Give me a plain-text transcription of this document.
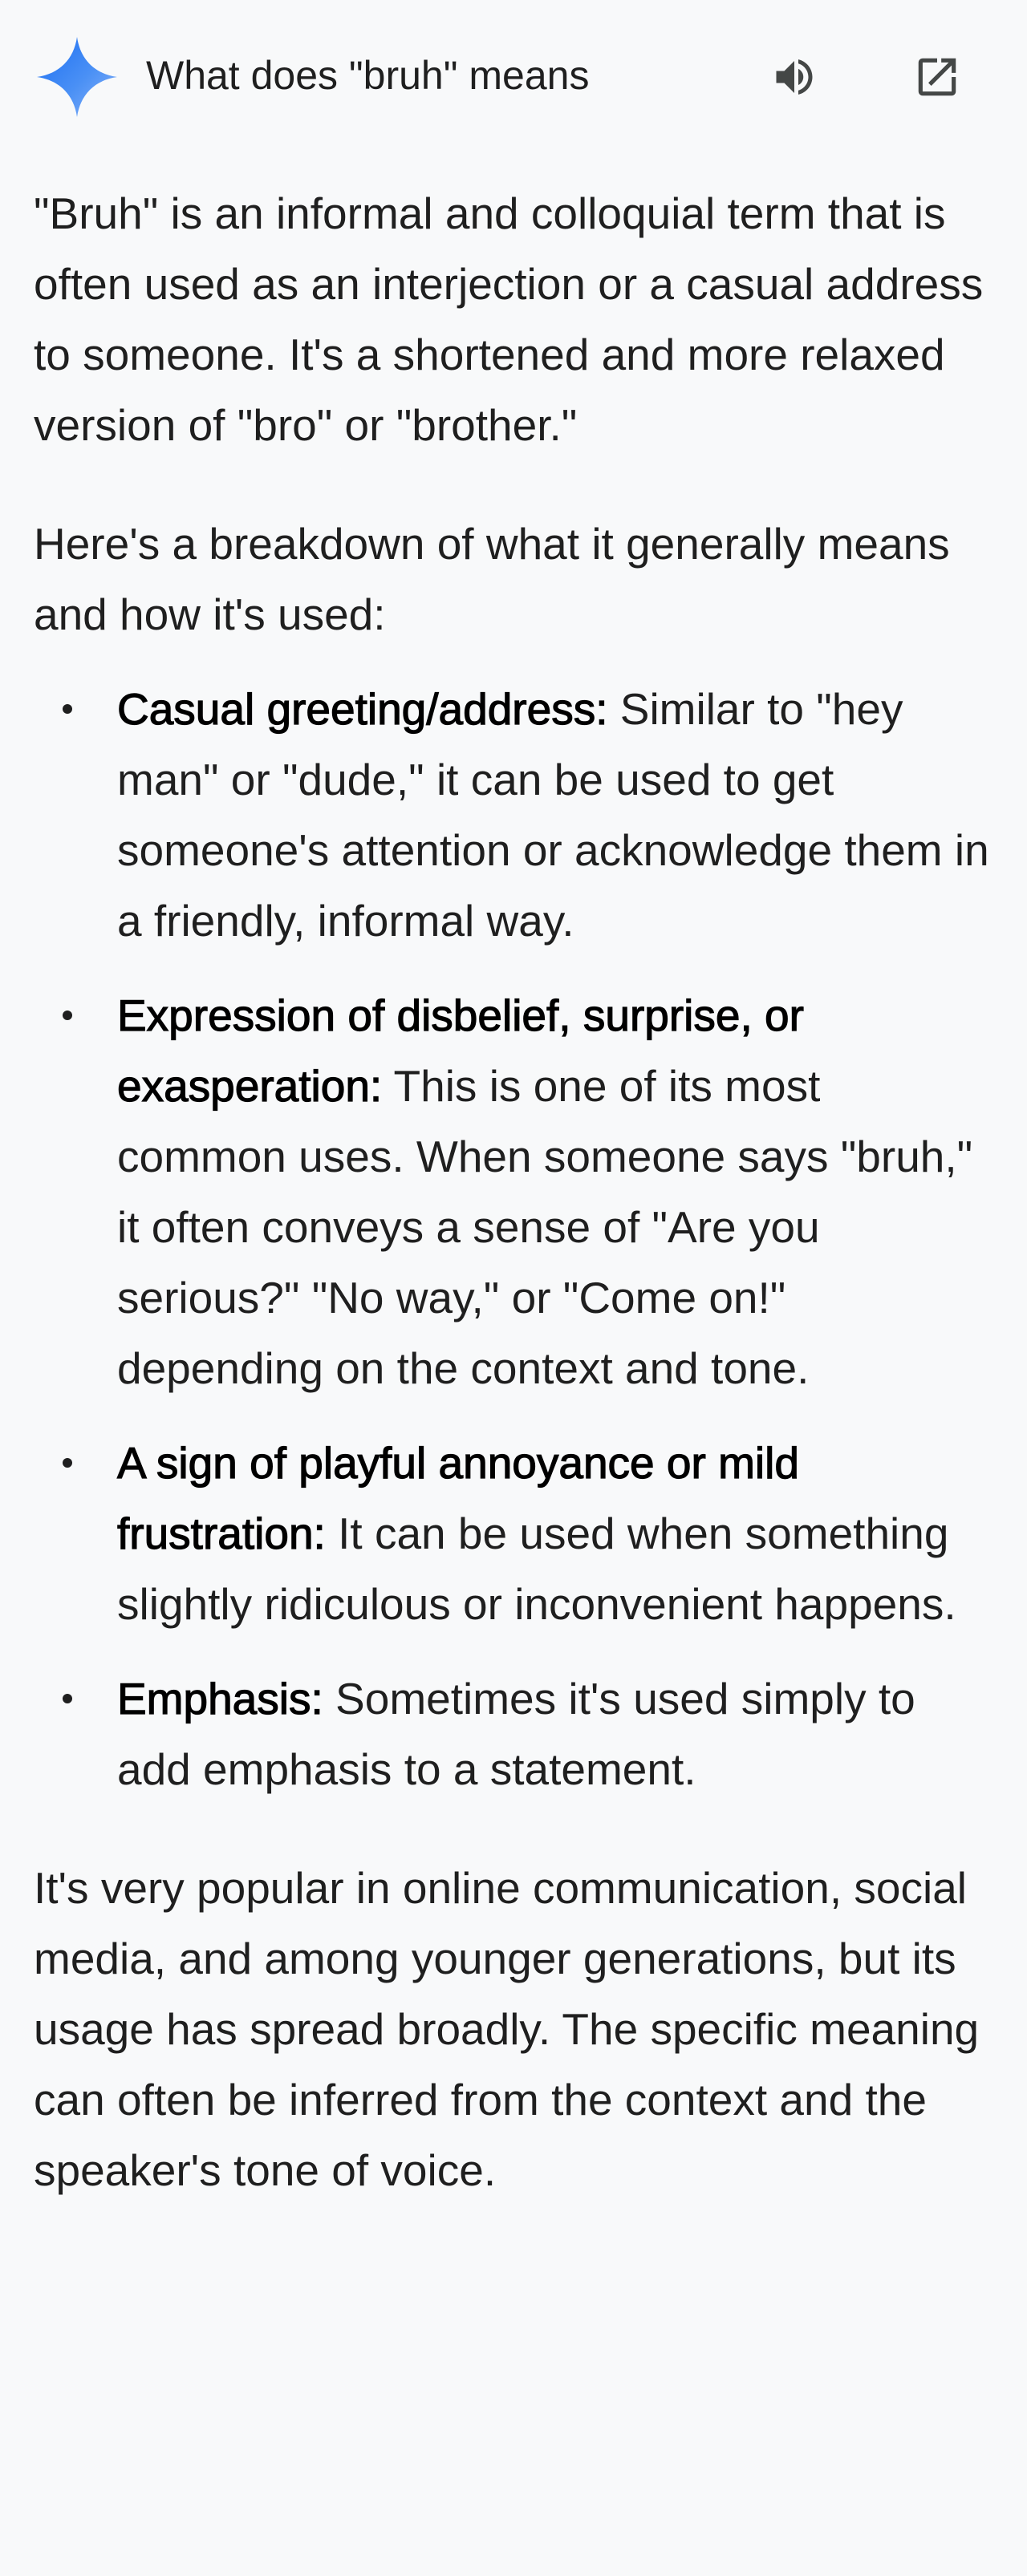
What does "bruh" means

"Bruh" is an informal and colloquial term that is often used as an interjection or a casual address to someone. It's a shortened and more relaxed version of "bro" or "brother."

Here's a breakdown of what it generally means and how it's used:

Casual greeting/address: Similar to "hey man" or "dude," it can be used to get someone's attention or acknowledge them in a friendly, informal way.
Expression of disbelief, surprise, or exasperation: This is one of its most common uses. When someone says "bruh," it often conveys a sense of "Are you serious?" "No way," or "Come on!" depending on the context and tone.
A sign of playful annoyance or mild frustration: It can be used when something slightly ridiculous or inconvenient happens.
Emphasis: Sometimes it's used simply to add emphasis to a statement.

It's very popular in online communication, social media, and among younger generations, but its usage has spread broadly. The specific meaning can often be inferred from the context and the speaker's tone of voice.
